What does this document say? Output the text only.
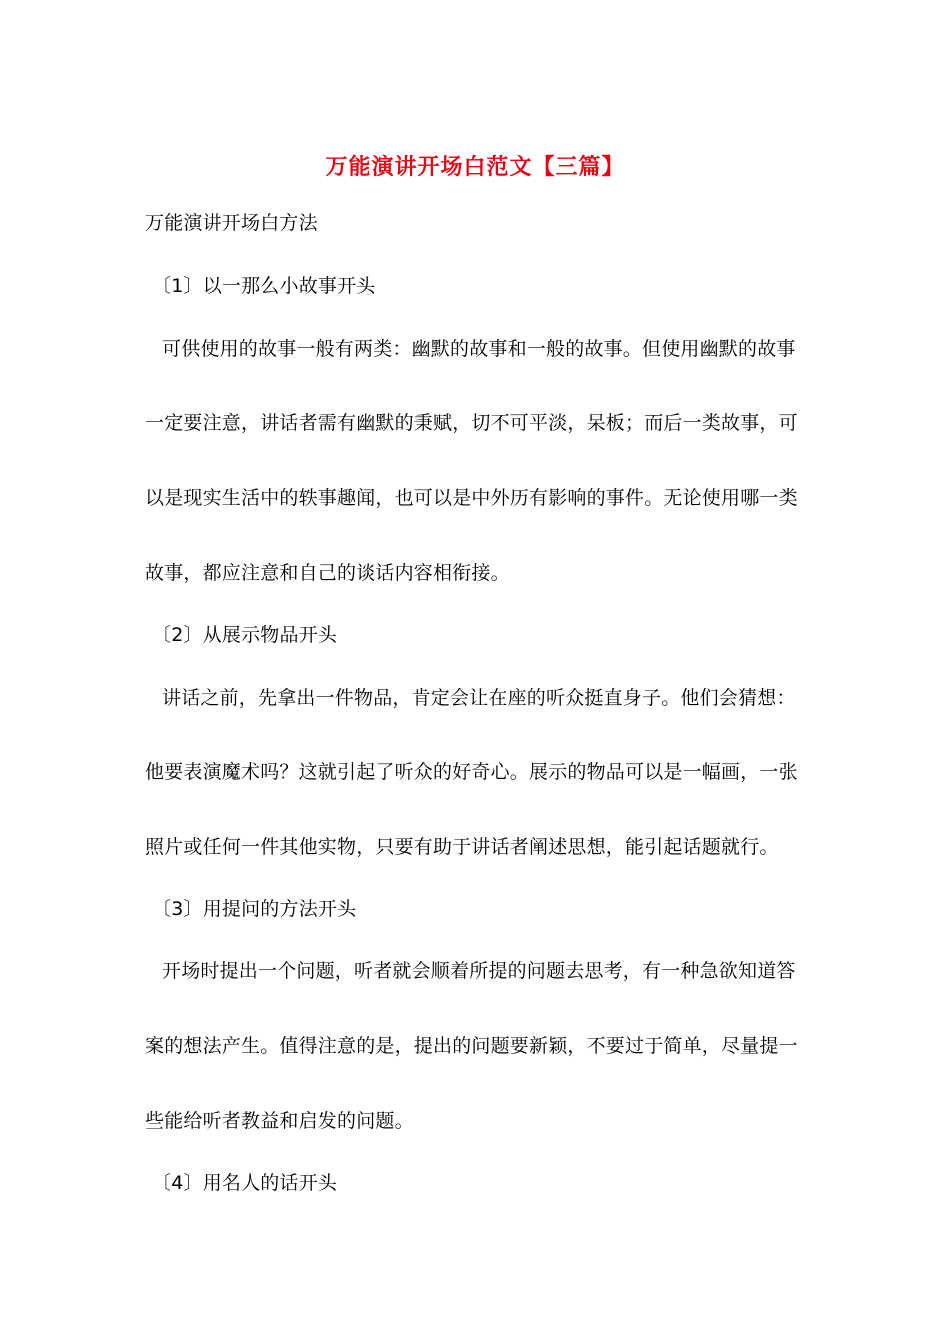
万能演讲开场白范文【三篇】
万能演讲开场白方法
〔1〕以一那么小故事开头
可供使用的故事一般有两类：幽默的故事和一般的故事。但使用幽默的故事
一定要注意，讲话者需有幽默的秉赋，切不可平淡，呆板；而后一类故事，可
以是现实生活中的轶事趣闻，也可以是中外历有影响的事件。无论使用哪一类
故事，都应注意和自己的谈话内容相衔接。
〔2〕从展示物品开头
讲话之前，先拿出一件物品，肯定会让在座的听众挺直身子。他们会猜想：
他要表演魔术吗？这就引起了听众的好奇心。展示的物品可以是一幅画，一张
照片或任何一件其他实物，只要有助于讲话者阐述思想，能引起话题就行。
〔3〕用提问的方法开头
开场时提出一个问题，听者就会顺着所提的问题去思考，有一种急欲知道答
案的想法产生。值得注意的是，提出的问题要新颖，不要过于简单，尽量提一
些能给听者教益和启发的问题。
〔4〕用名人的话开头
